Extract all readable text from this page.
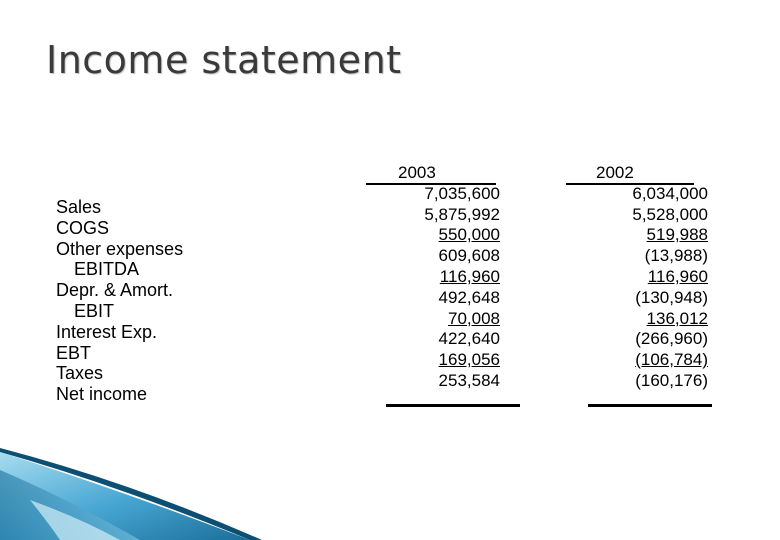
Income statement
Sales
COGS
Other expenses
EBITDA
Depr. & Amort.
EBIT
Interest Exp.
EBT
Taxes
Net income
2003
7,035,600
5,875,992
550,000
609,608
116,960
492,648
70,008
422,640
169,056
253,584
2002
6,034,000
5,528,000
519,988
(13,988)
116,960
(130,948)
136,012
(266,960)
(106,784)
(160,176)
